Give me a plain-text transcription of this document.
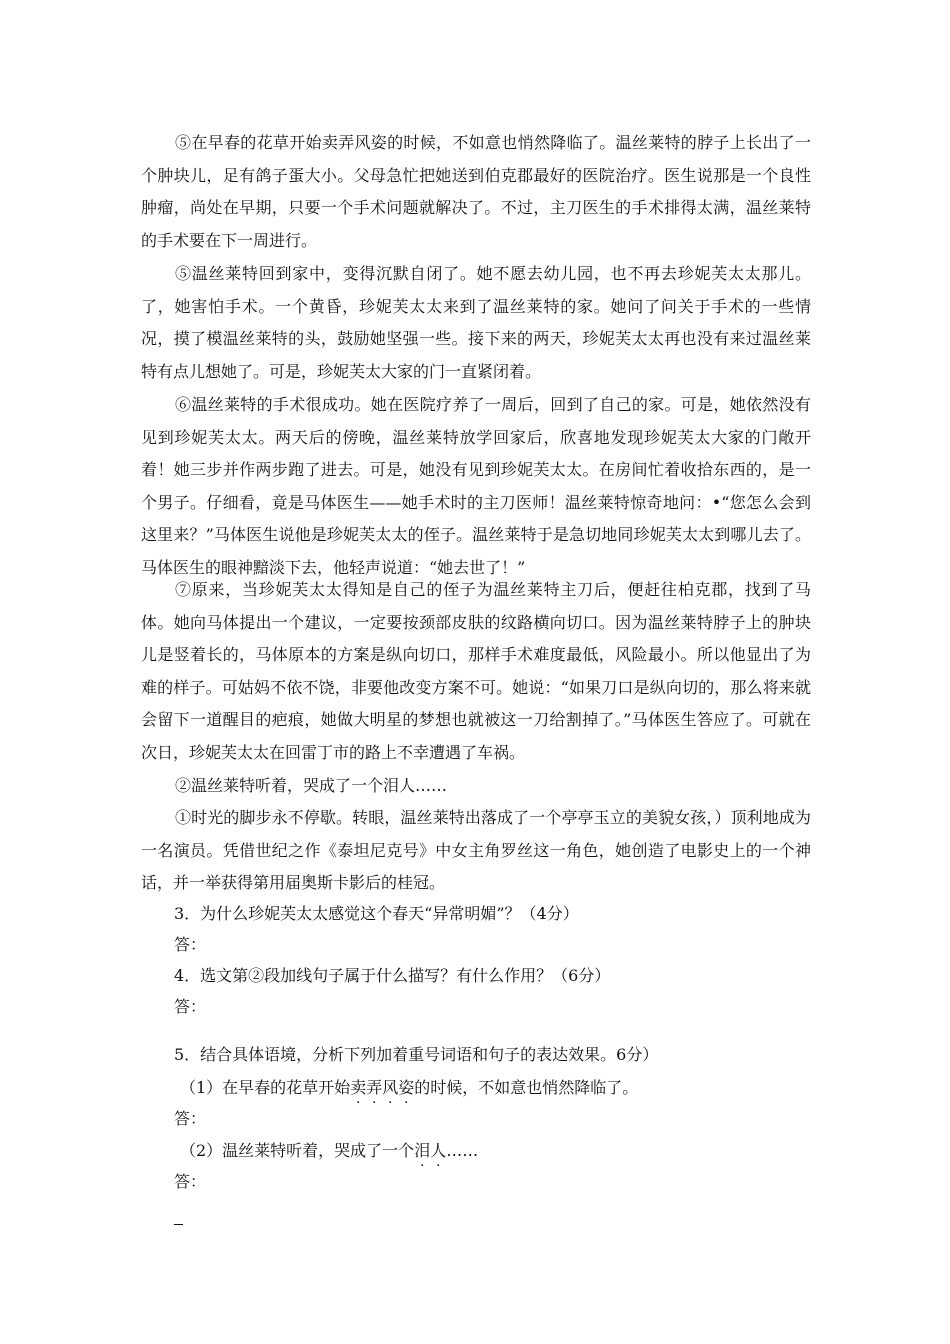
⑤在早春的花草开始卖弄风姿的时候，不如意也悄然降临了。温丝莱特的脖子上长出了一个肿块儿，足有鸽子蛋大小。父母急忙把她送到伯克郡最好的医院治疗。医生说那是一个良性肿瘤，尚处在早期，只要一个手术问题就解决了。不过，主刀医生的手术排得太满，温丝莱特的手术要在下一周进行。

⑤温丝莱特回到家中，变得沉默自闭了。她不愿去幼儿园，也不再去珍妮芙太太那儿。了，她害怕手术。一个黄昏，珍妮芙太太来到了温丝莱特的家。她问了问关于手术的一些情况，摸了模温丝莱特的头，鼓励她坚强一些。接下来的两天，珍妮芙太太再也没有来过温丝莱特有点儿想她了。可是，珍妮芙太大家的门一直紧闭着。

⑥温丝莱特的手术很成功。她在医院疗养了一周后，回到了自己的家。可是，她依然没有见到珍妮芙太太。两天后的傍晚，温丝莱特放学回家后，欣喜地发现珍妮芙太大家的门敞开着！她三步并作两步跑了进去。可是，她没有见到珍妮芙太太。在房间忙着收拾东西的，是一个男子。仔细看，竟是马体医生——她手术时的主刀医师！温丝莱特惊奇地问：•“您怎么会到这里来？”马体医生说他是珍妮芙太太的侄子。温丝莱特于是急切地同珍妮芙太太到哪儿去了。马体医生的眼神黯淡下去，他轻声说道：“她去世了！”

⑦原来，当珍妮芙太太得知是自己的侄子为温丝莱特主刀后，便赶往柏克郡，找到了马体。她向马体提出一个建议，一定要按颈部皮肤的纹路横向切口。因为温丝莱特脖子上的肿块儿是竖着长的，马体原本的方案是纵向切口，那样手术难度最低，风险最小。所以他显出了为难的样子。可姑妈不依不饶，非要他改变方案不可。她说：“如果刀口是纵向切的，那么将来就会留下一道醒目的疤痕，她做大明星的梦想也就被这一刀给割掉了。”马体医生答应了。可就在次日，珍妮芙太太在回雷丁市的路上不幸遭遇了车祸。

②温丝莱特听着，哭成了一个泪人……

①时光的脚步永不停歇。转眼，温丝莱特出落成了一个亭亭玉立的美貌女孩，）顶利地成为一名演员。凭借世纪之作《泰坦尼克号》中女主角罗丝这一角色，她创造了电影史上的一个神话，并一举获得第用届奥斯卡影后的桂冠。

3．为什么珍妮芙太太感觉这个春天“异常明媚”？（4分）

答：

4．选文第②段加线句子属于什么描写？有什么作用？（6分）

答：

5．结合具体语境，分析下列加着重号词语和句子的表达效果。6分）

（1）在早春的花草开始卖弄风姿的时候，不如意也悄然降临了。

答：

（2）温丝莱特听着，哭成了一个泪人……

答：
